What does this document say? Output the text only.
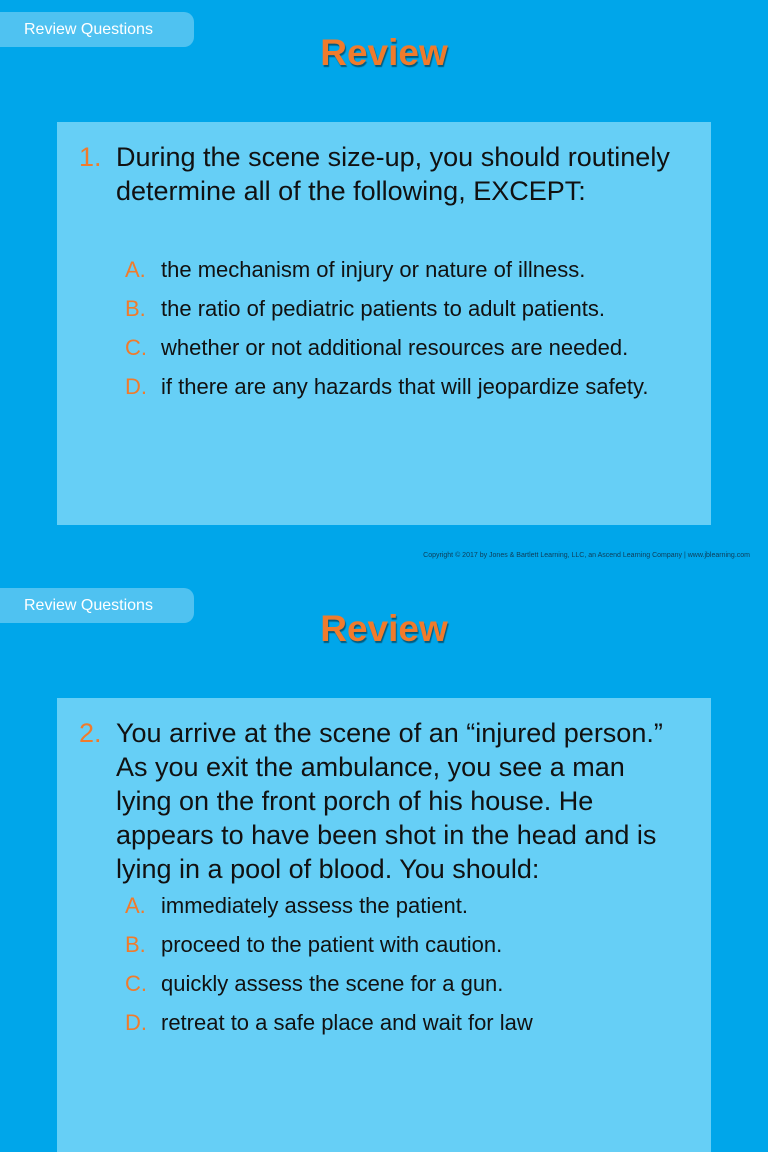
Review Questions
Review
1. During the scene size-up, you should routinely determine all of the following, EXCEPT:
A. the mechanism of injury or nature of illness.
B. the ratio of pediatric patients to adult patients.
C. whether or not additional resources are needed.
D. if there are any hazards that will jeopardize safety.
Copyright © 2017 by Jones & Bartlett Learning, LLC, an Ascend Learning Company | www.jblearning.com
Review Questions
Review
2. You arrive at the scene of an “injured person.” As you exit the ambulance, you see a man lying on the front porch of his house. He appears to have been shot in the head and is lying in a pool of blood. You should:
A. immediately assess the patient.
B. proceed to the patient with caution.
C. quickly assess the scene for a gun.
D. retreat to a safe place and wait for law
